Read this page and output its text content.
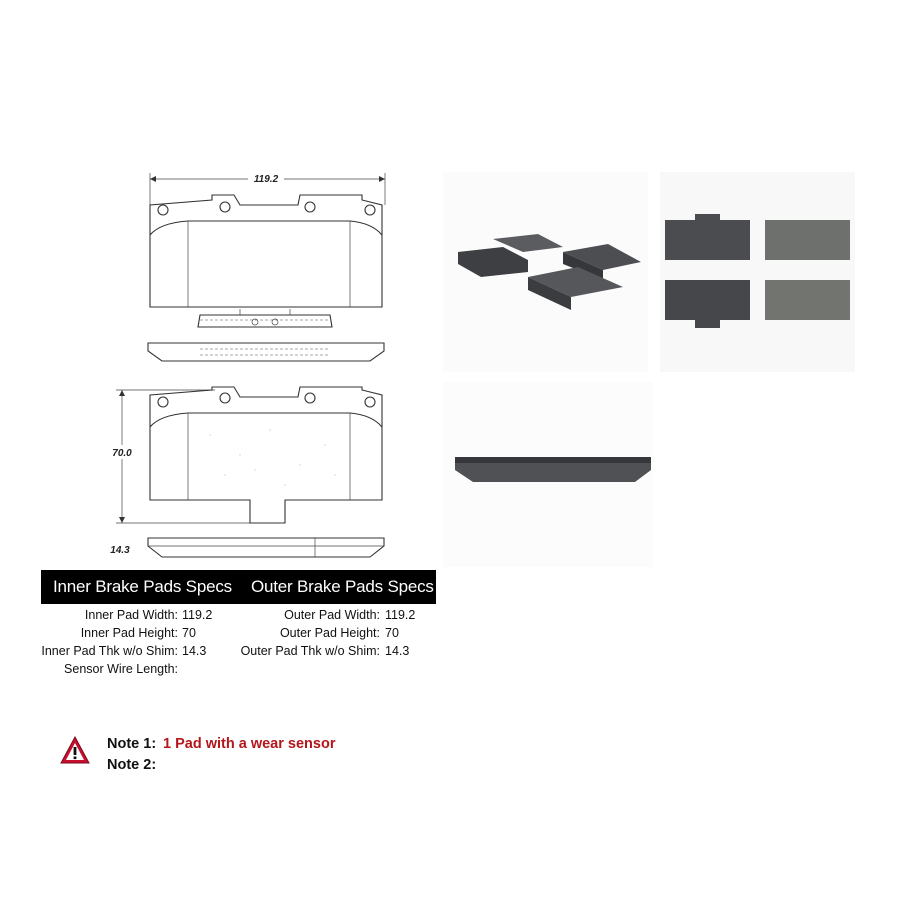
119.2
70.0
14.3
Inner Brake Pads Specs Outer Brake Pads Specs
Inner Pad Width: 119.2
Inner Pad Height: 70
Inner Pad Thk w/o Shim: 14.3
Sensor Wire Length:
Outer Pad Width: 119.2
Outer Pad Height: 70
Outer Pad Thk w/o Shim: 14.3
Note 1: 1 Pad with a wear sensor
Note 2:
